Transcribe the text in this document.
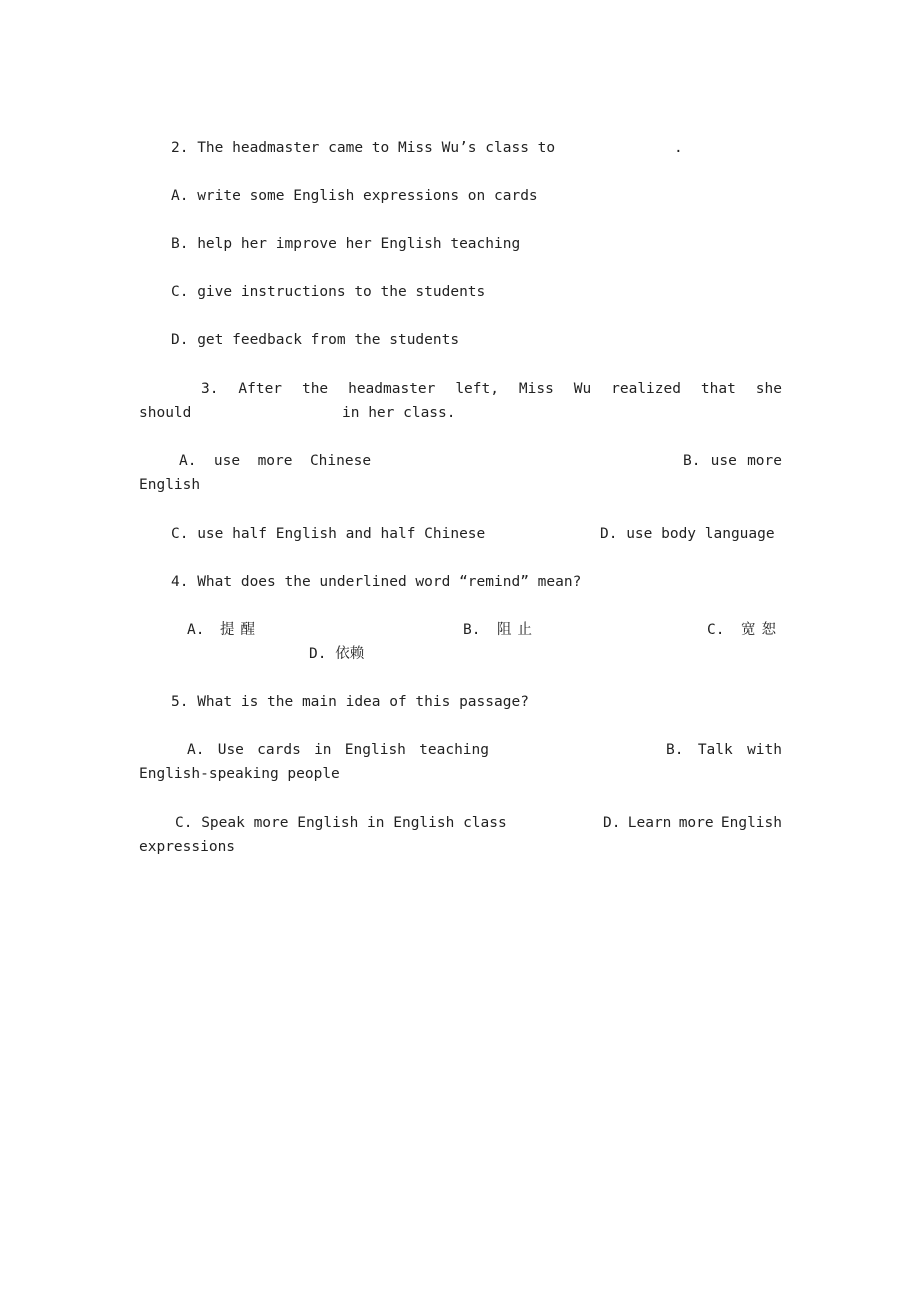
2. The headmaster came to Miss Wu’s class to	.
A. write some English expressions on cards
B. help her improve her English teaching
C. give instructions to the students
D. get feedback from the students
3. After the headmaster left, Miss Wu realized that she
should	in her class.
A.  use  more  Chinese	B. use more
English
C. use half English and half Chinese	D. use body language
4. What does the underlined word “remind” mean?
A. 提醒	B. 阻止	C. 宽恕
D. 依赖
5. What is the main idea of this passage?
A. Use cards in English teaching	B. Talk with
English-speaking people
C. Speak more English in English class	D. Learn more English
expressions
